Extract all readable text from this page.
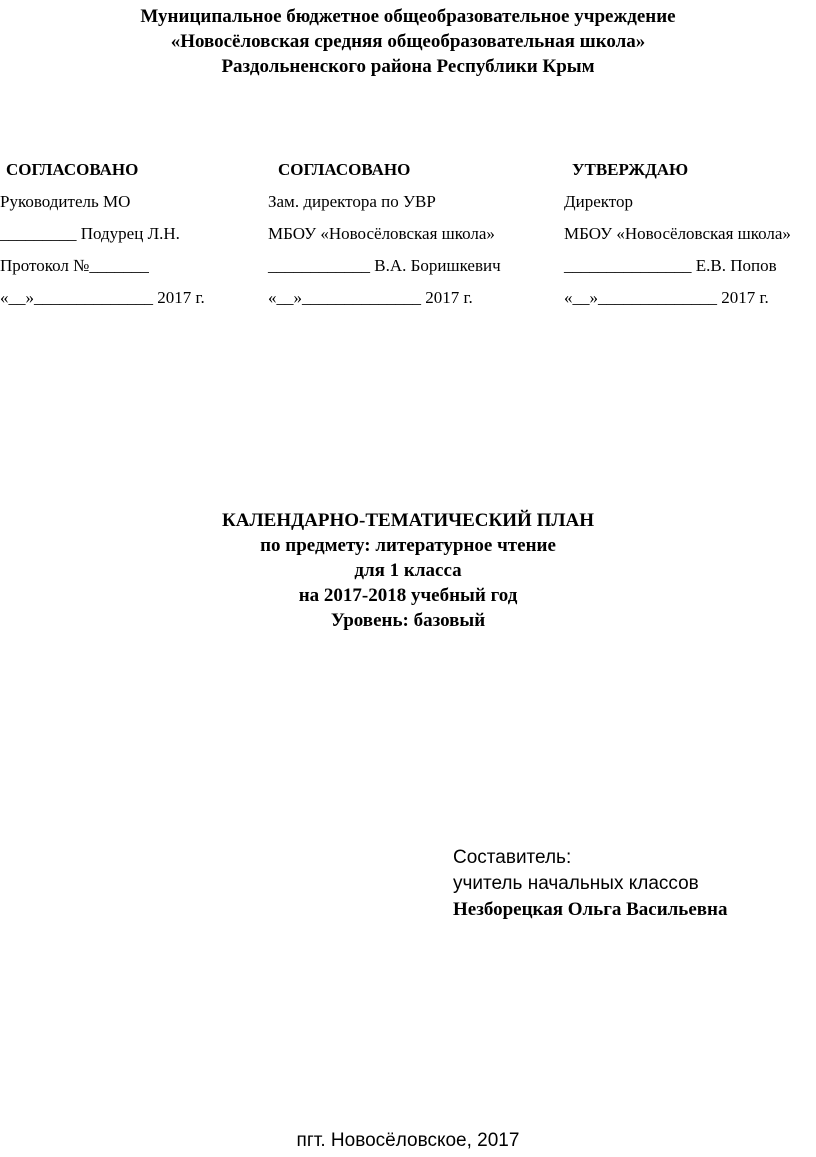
Муниципальное бюджетное общеобразовательное учреждение
«Новосёловская средняя общеобразовательная школа»
Раздольненского района Республики Крым
СОГЛАСОВАНО
Руководитель МО
_________ Подурец Л.Н.
Протокол №_______
«__»______________ 2017 г.
СОГЛАСОВАНО
Зам. директора по УВР
МБОУ «Новосёловская школа»
____________ В.А. Боришкевич
«__»______________ 2017 г.
УТВЕРЖДАЮ
Директор
МБОУ «Новосёловская школа»
_______________ Е.В. Попов
«__»______________ 2017 г.
КАЛЕНДАРНО-ТЕМАТИЧЕСКИЙ ПЛАН
по предмету: литературное чтение
для 1 класса
на 2017-2018 учебный год
Уровень: базовый
Составитель:
учитель начальных классов
Незборецкая Ольга Васильевна
пгт. Новосёловское, 2017
